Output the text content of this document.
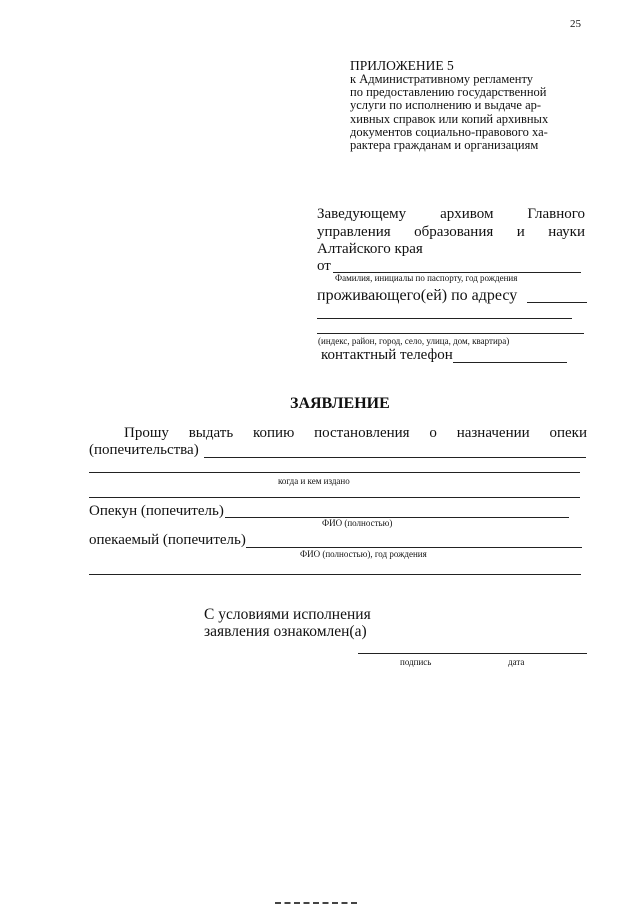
25
ПРИЛОЖЕНИЕ 5
к Административному регламенту
по предоставлению государственной
услуги по исполнению и выдаче ар-
хивных справок или копий архивных
документов социально-правового ха-
рактера гражданам и организациям
Заведующему архивом Главного
управления образования и науки
Алтайского края
от
Фамилия, инициалы по паспорту, год рождения
проживающего(ей) по адресу
(индекс, район, город, село, улица, дом, квартира)
контактный телефон
ЗАЯВЛЕНИЕ
Прошу выдать копию постановления о назначении опеки
(попечительства)
когда и кем издано
Опекун (попечитель)
ФИО (полностью)
опекаемый (попечитель)
ФИО (полностью), год рождения
С условиями исполнения
заявления ознакомлен(а)
подпись	дата
